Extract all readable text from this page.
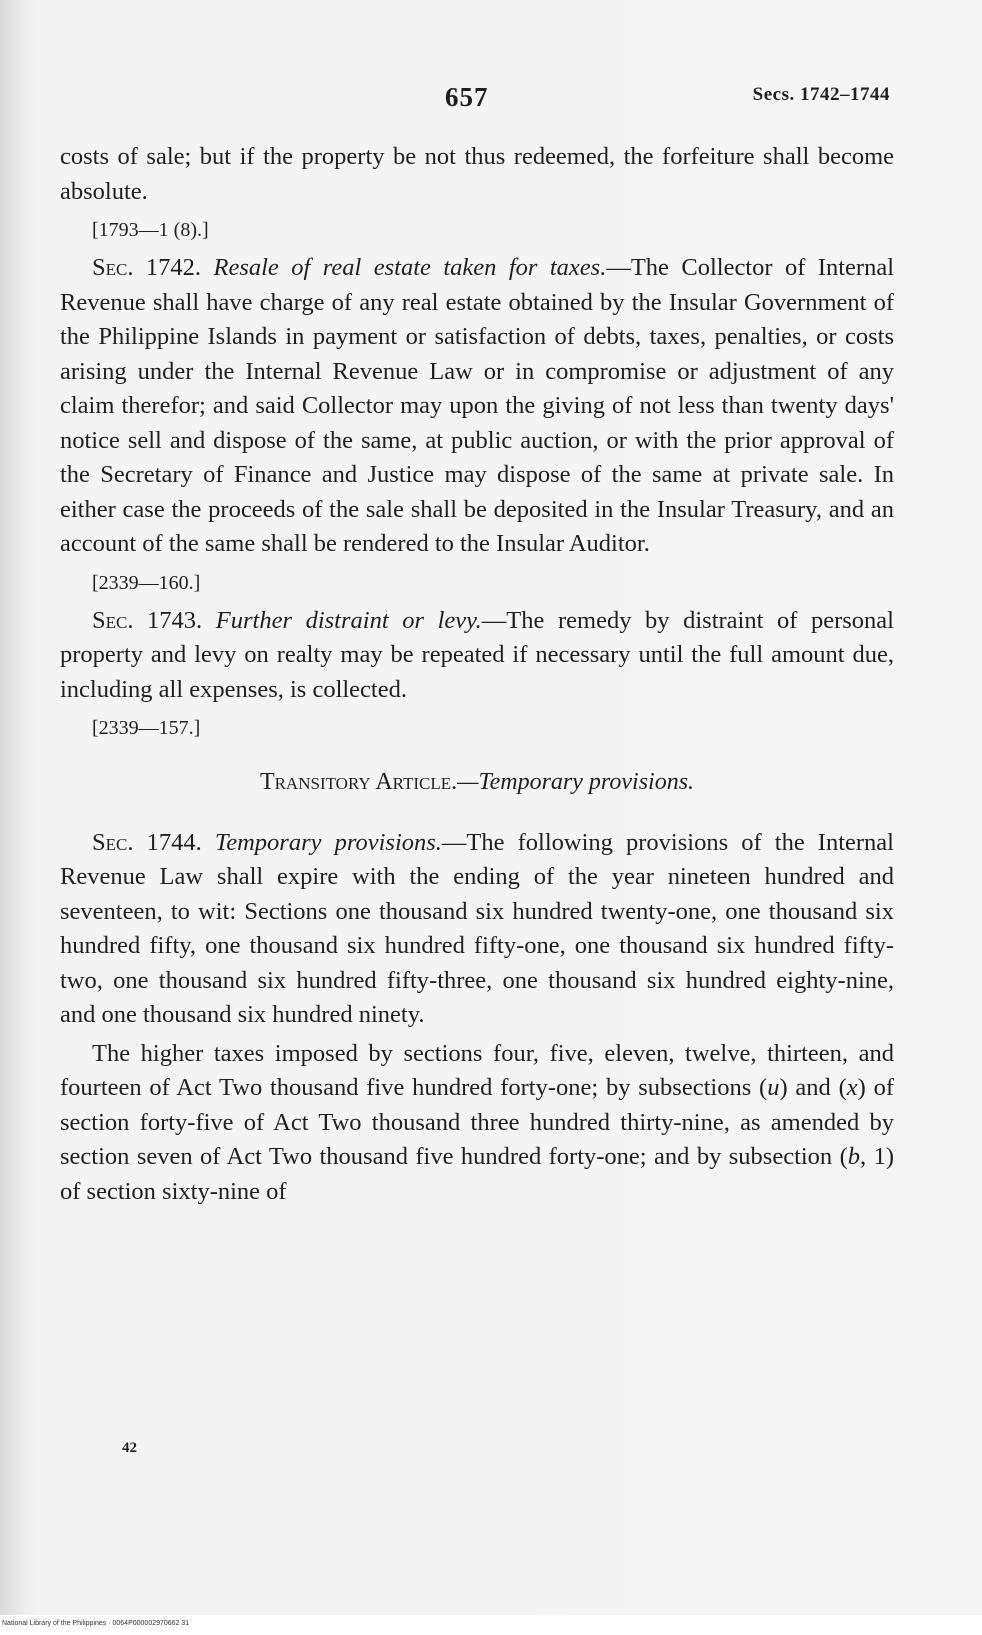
657	Secs. 1742–1744

costs of sale; but if the property be not thus redeemed, the forfeiture shall become absolute.

[1793—1 (8).]

Sec. 1742. Resale of real estate taken for taxes.—The Collector of Internal Revenue shall have charge of any real estate obtained by the Insular Government of the Philippine Islands in payment or satisfaction of debts, taxes, penalties, or costs arising under the Internal Revenue Law or in compromise or adjustment of any claim therefor; and said Collector may upon the giving of not less than twenty days' notice sell and dispose of the same, at public auction, or with the prior approval of the Secretary of Finance and Justice may dispose of the same at private sale. In either case the proceeds of the sale shall be deposited in the Insular Treasury, and an account of the same shall be rendered to the Insular Auditor.

[2339—160.]

Sec. 1743. Further distraint or levy.—The remedy by distraint of personal property and levy on realty may be repeated if necessary until the full amount due, including all expenses, is collected.

[2339—157.]

Transitory Article.—Temporary provisions.

Sec. 1744. Temporary provisions.—The following provisions of the Internal Revenue Law shall expire with the ending of the year nineteen hundred and seventeen, to wit: Sections one thousand six hundred twenty-one, one thousand six hundred fifty, one thousand six hundred fifty-one, one thousand six hundred fifty-two, one thousand six hundred fifty-three, one thousand six hundred eighty-nine, and one thousand six hundred ninety.

The higher taxes imposed by sections four, five, eleven, twelve, thirteen, and fourteen of Act Two thousand five hundred forty-one; by subsections (u) and (x) of section forty-five of Act Two thousand three hundred thirty-nine, as amended by section seven of Act Two thousand five hundred forty-one; and by subsection (b, 1) of section sixty-nine of

42
National Library of the Philippines · 0064P000002970662 31
